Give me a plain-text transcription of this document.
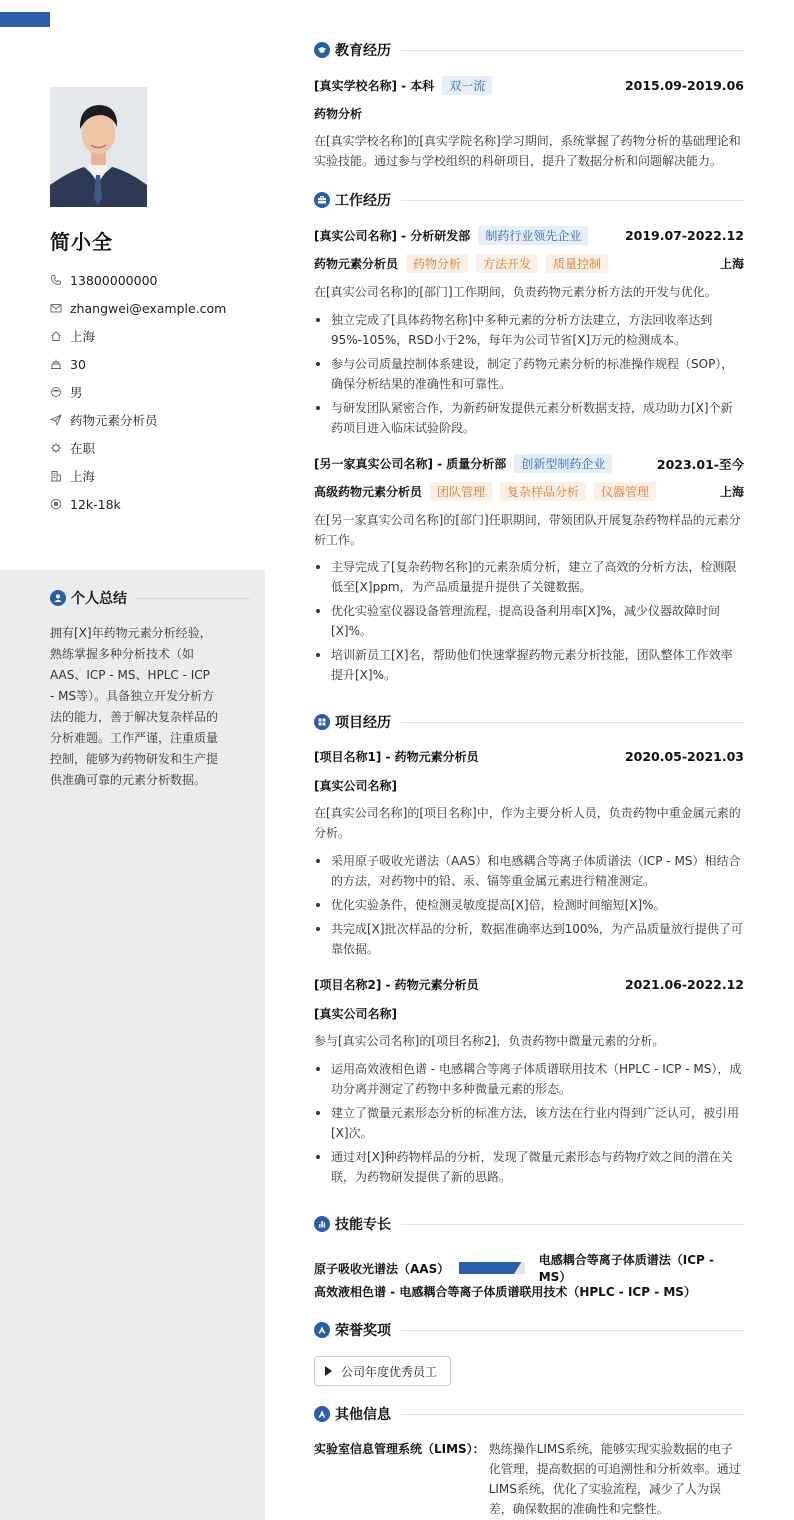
简小全
13800000000
zhangwei@example.com
上海
30
男
药物元素分析员
在职
上海
12k-18k
个人总结
拥有[X]年药物元素分析经验，熟练掌握多种分析技术（如 AAS、ICP - MS、HPLC - ICP - MS等）。具备独立开发分析方法的能力，善于解决复杂样品的分析难题。工作严谨，注重质量控制，能够为药物研发和生产提供准确可靠的元素分析数据。
教育经历
[真实学校名称] - 本科 双一流	2015.09-2019.06
药物分析
在[真实学校名称]的[真实学院名称]学习期间，系统掌握了药物分析的基础理论和实验技能。通过参与学校组织的科研项目，提升了数据分析和问题解决能力。
工作经历
[真实公司名称] - 分析研发部 制药行业领先企业	2019.07-2022.12
药物元素分析员 药物分析 方法开发 质量控制	上海
在[真实公司名称]的[部门]工作期间，负责药物元素分析方法的开发与优化。
独立完成了[具体药物名称]中多种元素的分析方法建立，方法回收率达到95%-105%，RSD小于2%，每年为公司节省[X]万元的检测成本。
参与公司质量控制体系建设，制定了药物元素分析的标准操作规程（SOP），确保分析结果的准确性和可靠性。
与研发团队紧密合作，为新药研发提供元素分析数据支持，成功助力[X]个新药项目进入临床试验阶段。
[另一家真实公司名称] - 质量分析部 创新型制药企业	2023.01-至今
高级药物元素分析员 团队管理 复杂样品分析 仪器管理	上海
在[另一家真实公司名称]的[部门]任职期间，带领团队开展复杂药物样品的元素分析工作。
主导完成了[复杂药物名称]的元素杂质分析，建立了高效的分析方法，检测限低至[X]ppm，为产品质量提升提供了关键数据。
优化实验室仪器设备管理流程，提高设备利用率[X]%，减少仪器故障时间[X]%。
培训新员工[X]名，帮助他们快速掌握药物元素分析技能，团队整体工作效率提升[X]%。
项目经历
[项目名称1] - 药物元素分析员	2020.05-2021.03
[真实公司名称]
在[真实公司名称]的[项目名称]中，作为主要分析人员，负责药物中重金属元素的分析。
采用原子吸收光谱法（AAS）和电感耦合等离子体质谱法（ICP - MS）相结合的方法，对药物中的铅、汞、镉等重金属元素进行精准测定。
优化实验条件，使检测灵敏度提高[X]倍，检测时间缩短[X]%。
共完成[X]批次样品的分析，数据准确率达到100%，为产品质量放行提供了可靠依据。
[项目名称2] - 药物元素分析员	2021.06-2022.12
[真实公司名称]
参与[真实公司名称]的[项目名称2]，负责药物中微量元素的分析。
运用高效液相色谱 - 电感耦合等离子体质谱联用技术（HPLC - ICP - MS），成功分离并测定了药物中多种微量元素的形态。
建立了微量元素形态分析的标准方法，该方法在行业内得到广泛认可，被引用[X]次。
通过对[X]种药物样品的分析，发现了微量元素形态与药物疗效之间的潜在关联，为药物研发提供了新的思路。
技能专长
原子吸收光谱法（AAS）
电感耦合等离子体质谱法（ICP - MS）
高效液相色谱 - 电感耦合等离子体质谱联用技术（HPLC - ICP - MS）
荣誉奖项
公司年度优秀员工
其他信息
实验室信息管理系统（LIMS）： 熟练操作LIMS系统，能够实现实验数据的电子化管理，提高数据的可追溯性和分析效率。通过LIMS系统，优化了实验流程，减少了人为误差，确保数据的准确性和完整性。
